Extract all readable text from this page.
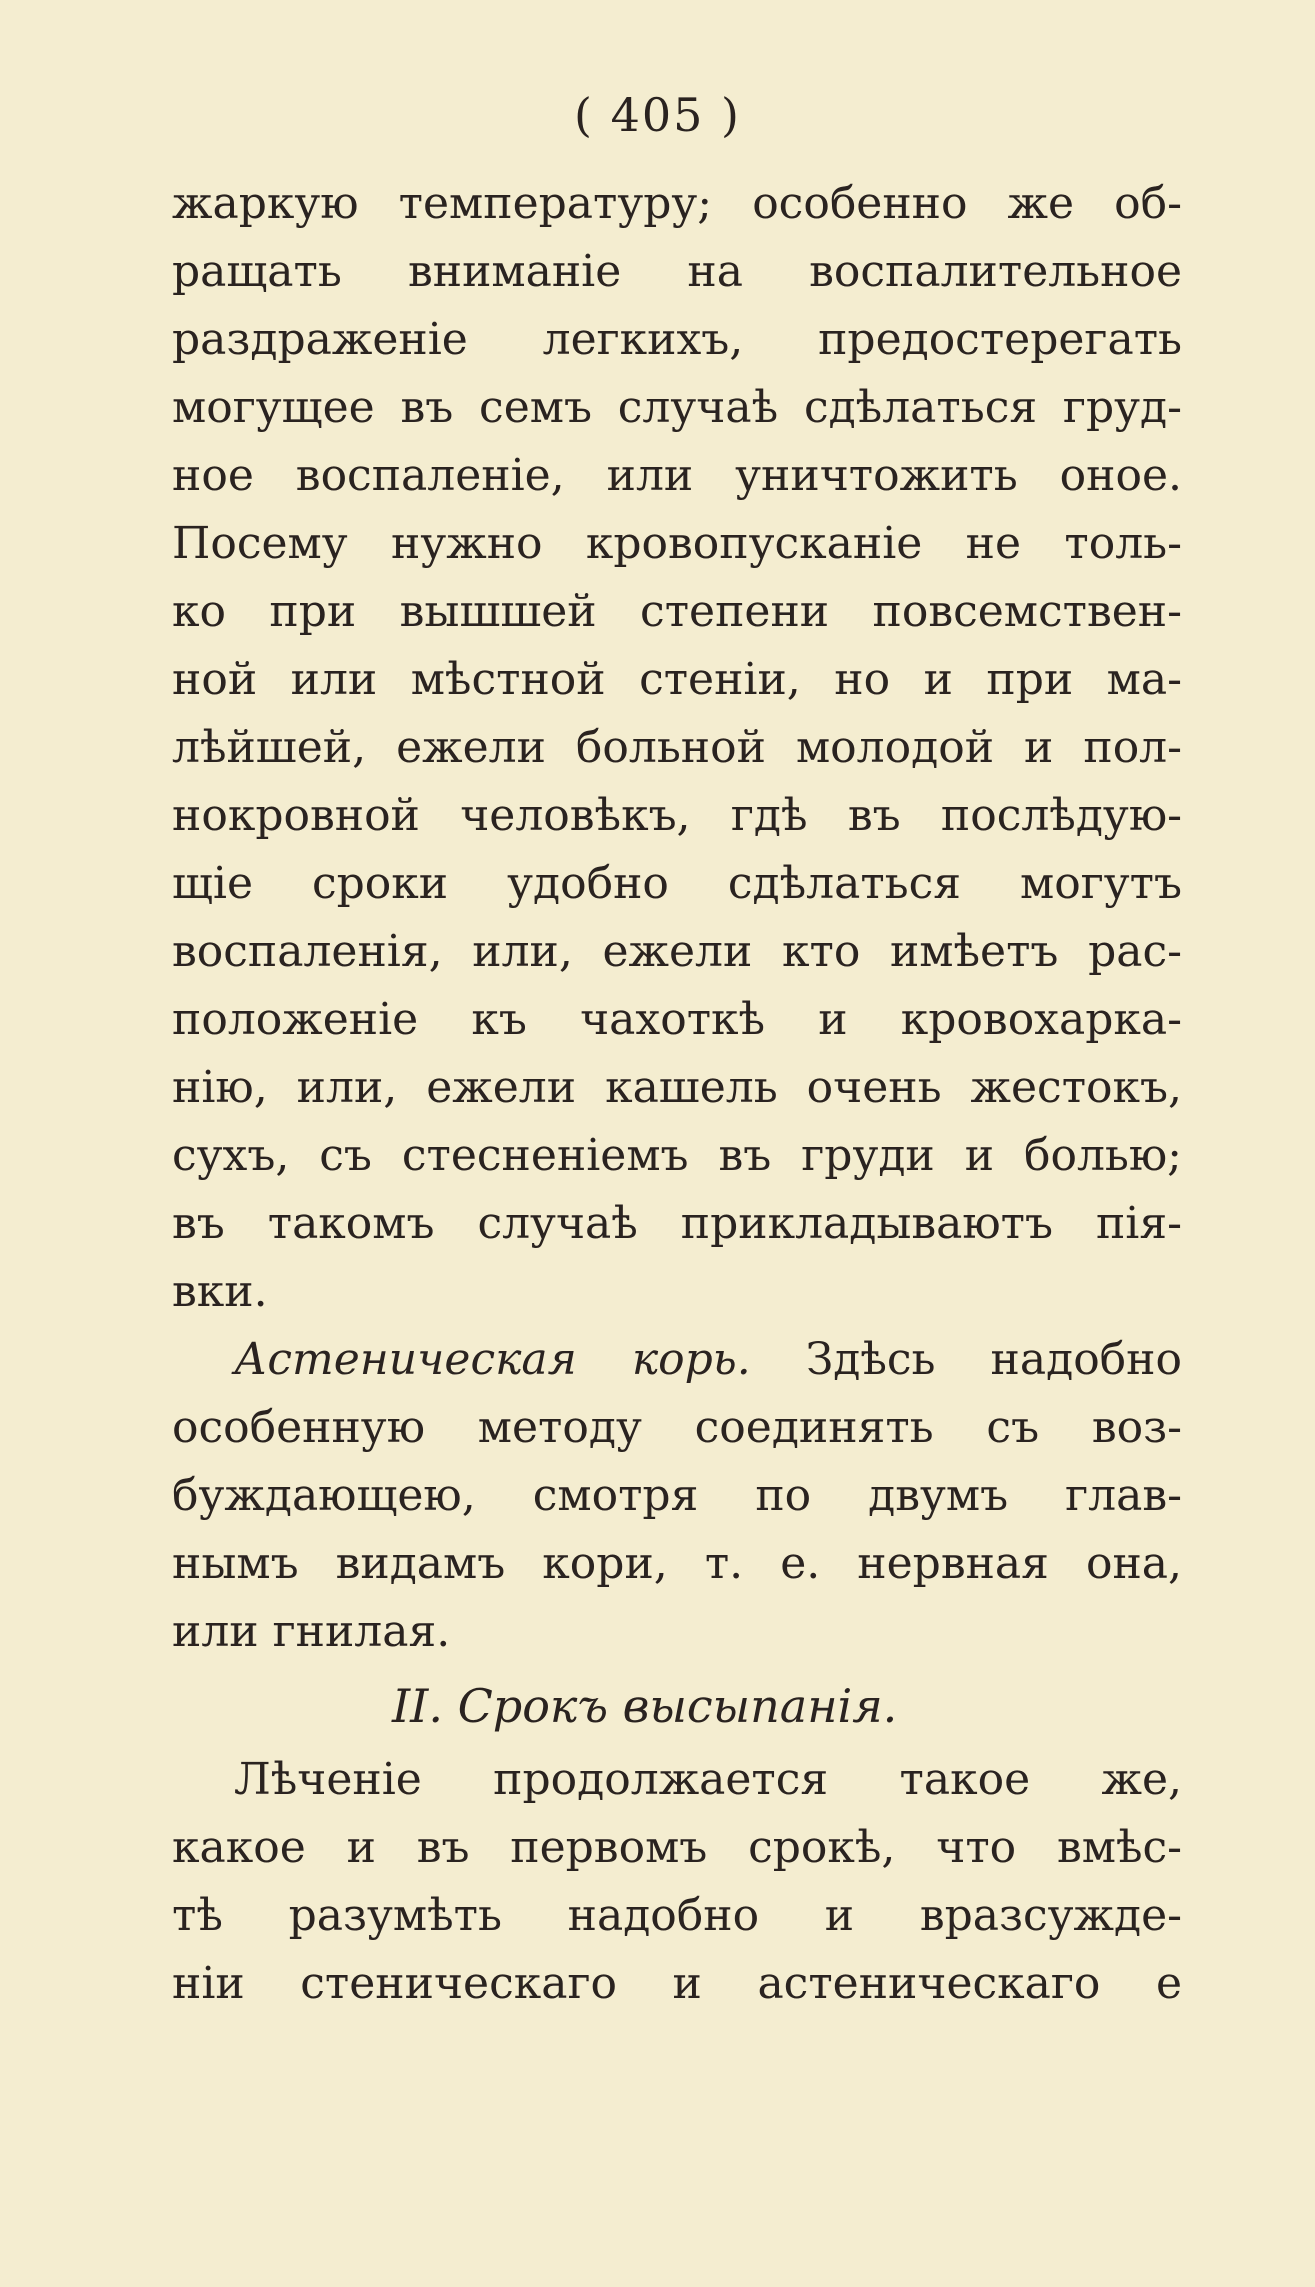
( 405 )
жаркую температуру; особенно же об-
ращать вниманіе на воспалительное
раздраженіе легкихъ, предостерегать
могущее въ семъ случаѣ сдѣлаться груд-
ное воспаленіе, или уничтожить оное.
Посему нужно кровопусканіе не толь-
ко при вышшей степени повсемствен-
ной или мѣстной стеніи, но и при ма-
лѣйшей, ежели больной молодой и пол-
нокровной человѣкъ, гдѣ въ послѣдую-
щіе сроки удобно сдѣлаться могутъ
воспаленія, или, ежели кто имѣетъ рас-
положеніе къ чахоткѣ и кровохарка-
нію, или, ежели кашель очень жестокъ,
сухъ, съ стесненіемъ въ груди и болью;
въ такомъ случаѣ прикладываютъ пія-
вки.
Астеническая корь. Здѣсь надобно
особенную методу соединять съ воз-
буждающею, смотря по двумъ глав-
нымъ видамъ кори, т. е. нервная она,
или гнилая.
II. Срокъ высыпанія.
Лѣченіе продолжается такое же,
какое и въ первомъ срокѣ, что вмѣс-
тѣ разумѣть надобно и вразсужде-
ніи стеническаго и астеническаго е
